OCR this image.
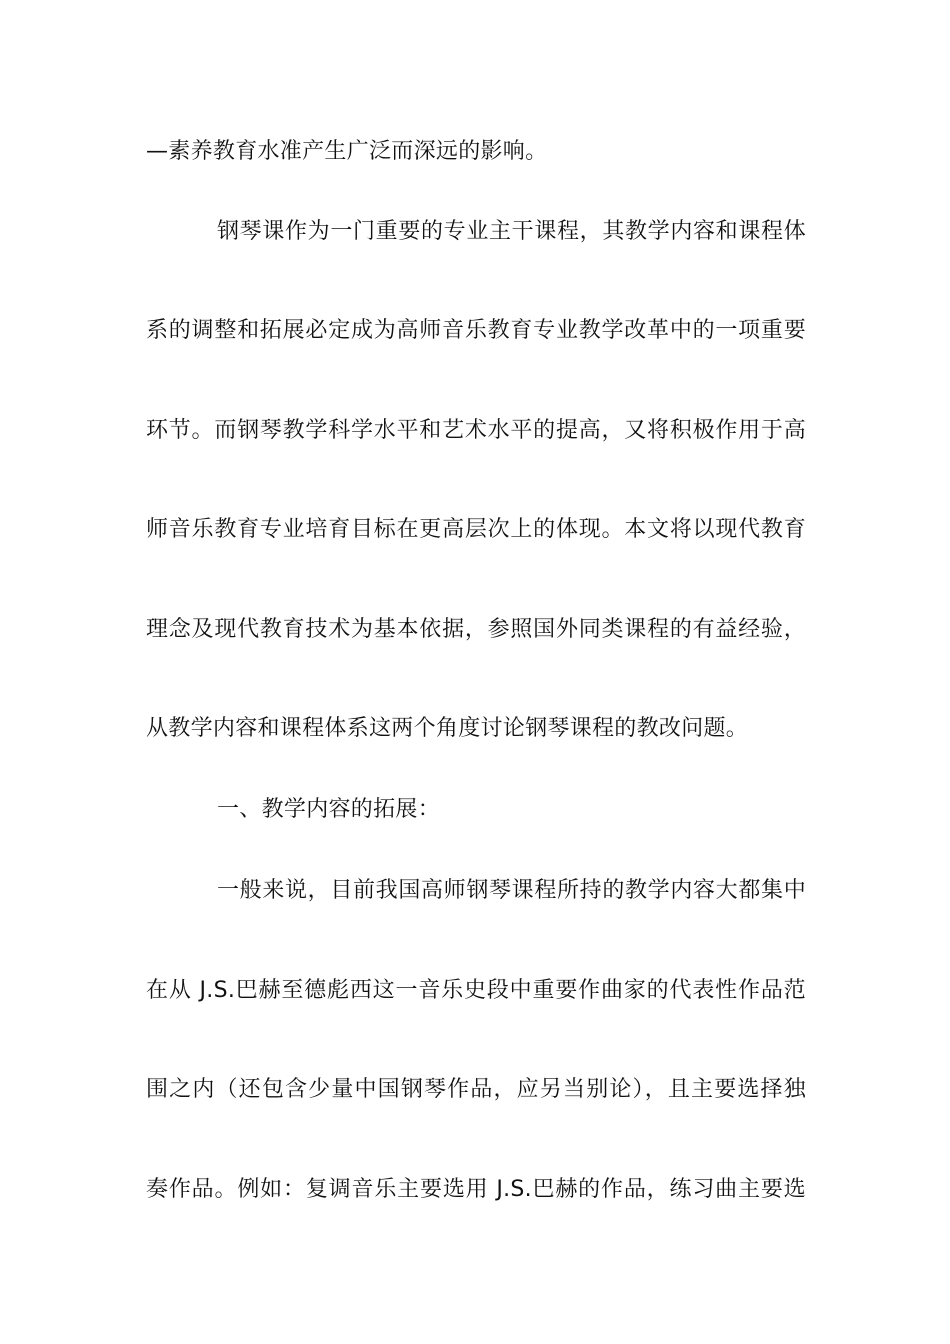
—素养教育水准产生广泛而深远的影响。
钢琴课作为一门重要的专业主干课程，其教学内容和课程体
系的调整和拓展必定成为高师音乐教育专业教学改革中的一项重要
环节。而钢琴教学科学水平和艺术水平的提高，又将积极作用于高
师音乐教育专业培育目标在更高层次上的体现。本文将以现代教育
理念及现代教育技术为基本依据，参照国外同类课程的有益经验，
从教学内容和课程体系这两个角度讨论钢琴课程的教改问题。
一、教学内容的拓展：
一般来说，目前我国高师钢琴课程所持的教学内容大都集中
在从 J.S.巴赫至德彪西这一音乐史段中重要作曲家的代表性作品范
围之内（还包含少量中国钢琴作品，应另当别论），且主要选择独
奏作品。例如：复调音乐主要选用 J.S.巴赫的作品，练习曲主要选
